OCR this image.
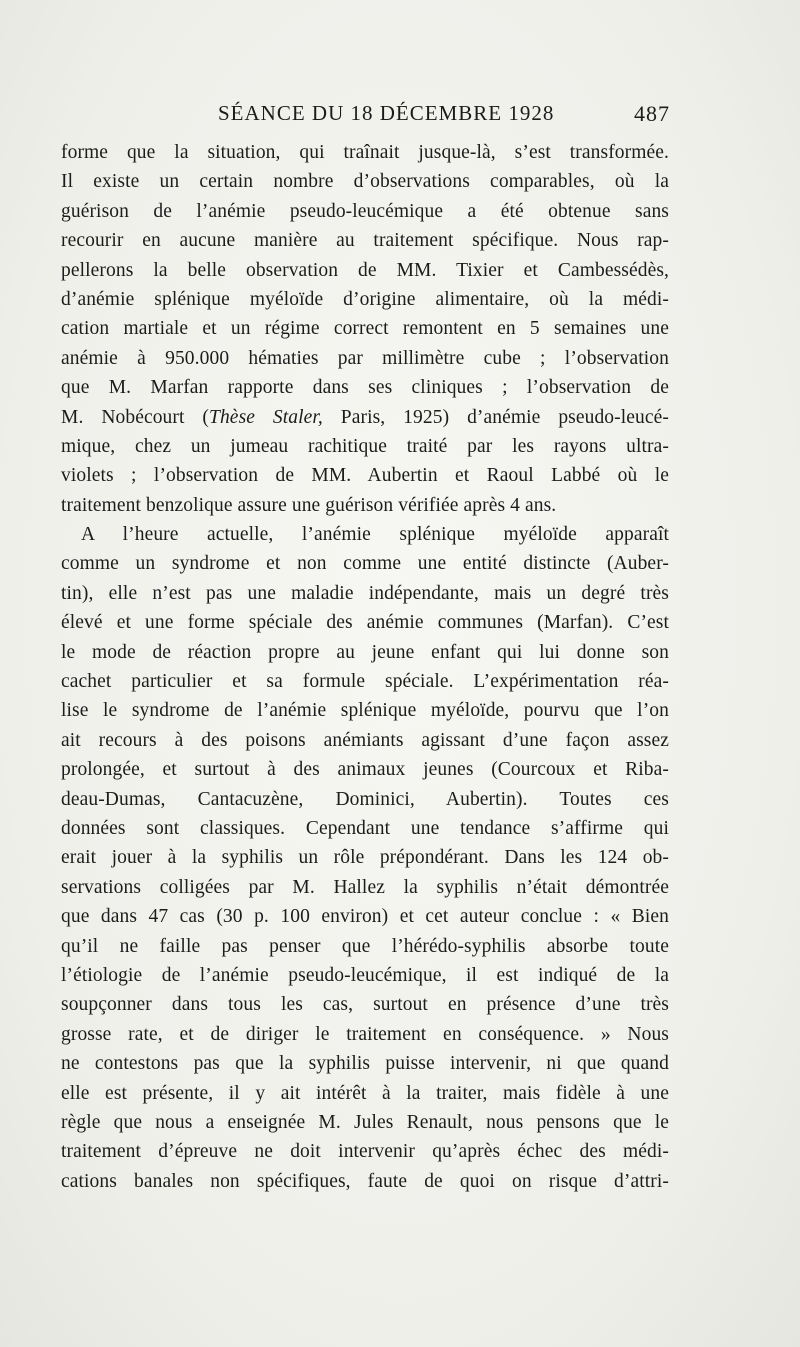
SÉANCE DU 18 DÉCEMBRE 1928	487
forme que la situation, qui traînait jusque-là, s’est transformée.
Il existe un certain nombre d’observations comparables, où la
guérison de l’anémie pseudo-leucémique a été obtenue sans
recourir en aucune manière au traitement spécifique. Nous rap-
pellerons la belle observation de MM. Tixier et Cambessédès,
d’anémie splénique myéloïde d’origine alimentaire, où la médi-
cation martiale et un régime correct remontent en 5 semaines une
anémie à 950.000 hématies par millimètre cube ; l’observation
que M. Marfan rapporte dans ses cliniques ; l’observation de
M. Nobécourt (Thèse Staler, Paris, 1925) d’anémie pseudo-leucé-
mique, chez un jumeau rachitique traité par les rayons ultra-
violets ; l’observation de MM. Aubertin et Raoul Labbé où le
traitement benzolique assure une guérison vérifiée après 4 ans.
A l’heure actuelle, l’anémie splénique myéloïde apparaît
comme un syndrome et non comme une entité distincte (Auber-
tin), elle n’est pas une maladie indépendante, mais un degré très
élevé et une forme spéciale des anémie communes (Marfan). C’est
le mode de réaction propre au jeune enfant qui lui donne son
cachet particulier et sa formule spéciale. L’expérimentation réa-
lise le syndrome de l’anémie splénique myéloïde, pourvu que l’on
ait recours à des poisons anémiants agissant d’une façon assez
prolongée, et surtout à des animaux jeunes (Courcoux et Riba-
deau-Dumas, Cantacuzène, Dominici, Aubertin). Toutes ces
données sont classiques. Cependant une tendance s’affirme qui
erait jouer à la syphilis un rôle prépondérant. Dans les 124 ob-
servations colligées par M. Hallez la syphilis n’était démontrée
que dans 47 cas (30 p. 100 environ) et cet auteur conclue : « Bien
qu’il ne faille pas penser que l’hérédo-syphilis absorbe toute
l’étiologie de l’anémie pseudo-leucémique, il est indiqué de la
soupçonner dans tous les cas, surtout en présence d’une très
grosse rate, et de diriger le traitement en conséquence. » Nous
ne contestons pas que la syphilis puisse intervenir, ni que quand
elle est présente, il y ait intérêt à la traiter, mais fidèle à une
règle que nous a enseignée M. Jules Renault, nous pensons que le
traitement d’épreuve ne doit intervenir qu’après échec des médi-
cations banales non spécifiques, faute de quoi on risque d’attri-
